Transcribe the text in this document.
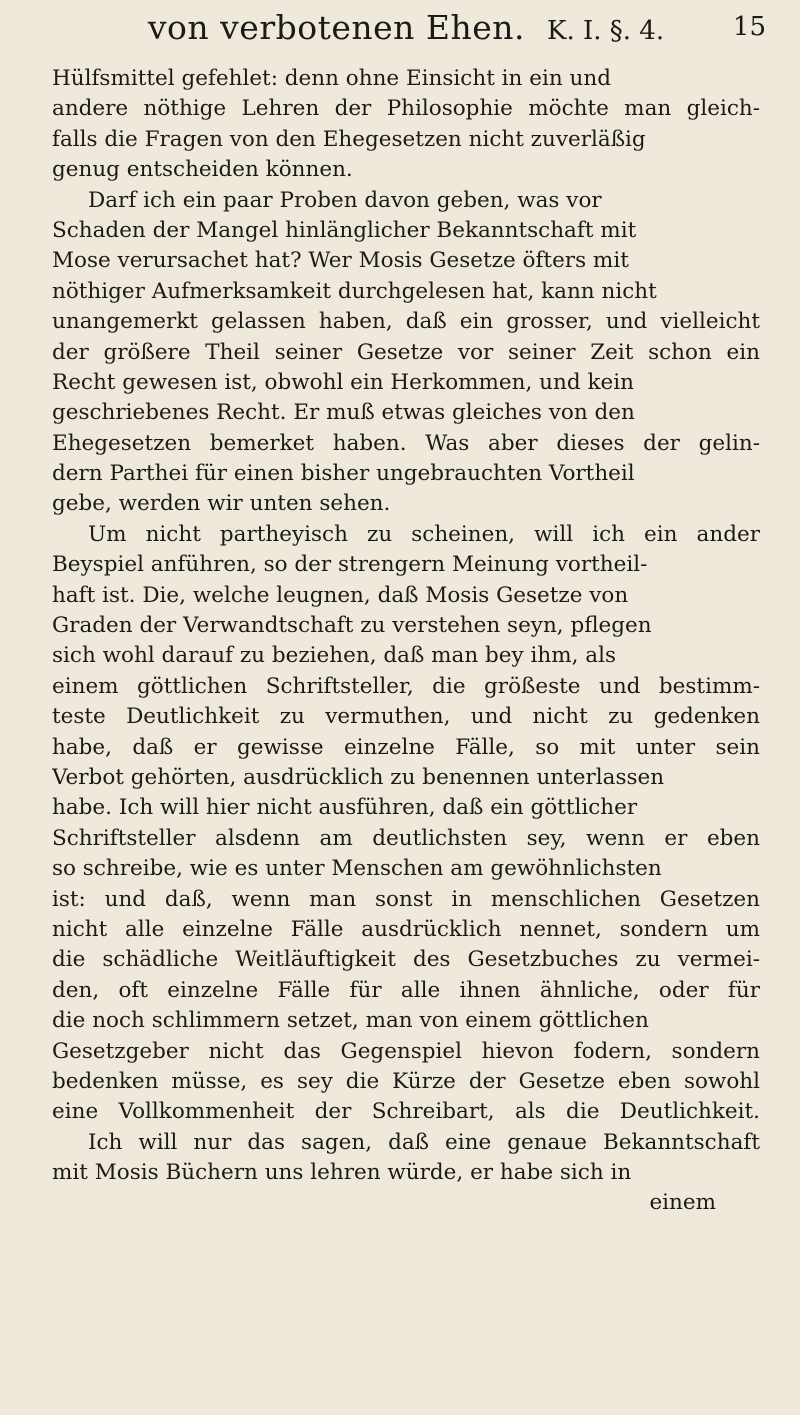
von verbotenen Ehen. K. I. §. 4.	15
Hülfsmittel gefehlet: denn ohne Einsicht in ein und
andere nöthige Lehren der Philosophie möchte man gleich-
falls die Fragen von den Ehegesetzen nicht zuverläßig
genug entscheiden können.
Darf ich ein paar Proben davon geben, was vor
Schaden der Mangel hinlänglicher Bekanntschaft mit
Mose verursachet hat? Wer Mosis Gesetze öfters mit
nöthiger Aufmerksamkeit durchgelesen hat, kann nicht
unangemerkt gelassen haben, daß ein grosser, und vielleicht
der größere Theil seiner Gesetze vor seiner Zeit schon ein
Recht gewesen ist, obwohl ein Herkommen, und kein
geschriebenes Recht. Er muß etwas gleiches von den
Ehegesetzen bemerket haben. Was aber dieses der gelin-
dern Parthei für einen bisher ungebrauchten Vortheil
gebe, werden wir unten sehen.
Um nicht partheyisch zu scheinen, will ich ein ander
Beyspiel anführen, so der strengern Meinung vortheil-
haft ist. Die, welche leugnen, daß Mosis Gesetze von
Graden der Verwandtschaft zu verstehen seyn, pflegen
sich wohl darauf zu beziehen, daß man bey ihm, als
einem göttlichen Schriftsteller, die größeste und bestimm-
teste Deutlichkeit zu vermuthen, und nicht zu gedenken
habe, daß er gewisse einzelne Fälle, so mit unter sein
Verbot gehörten, ausdrücklich zu benennen unterlassen
habe. Ich will hier nicht ausführen, daß ein göttlicher
Schriftsteller alsdenn am deutlichsten sey, wenn er eben
so schreibe, wie es unter Menschen am gewöhnlichsten
ist: und daß, wenn man sonst in menschlichen Gesetzen
nicht alle einzelne Fälle ausdrücklich nennet, sondern um
die schädliche Weitläuftigkeit des Gesetzbuches zu vermei-
den, oft einzelne Fälle für alle ihnen ähnliche, oder für
die noch schlimmern setzet, man von einem göttlichen
Gesetzgeber nicht das Gegenspiel hievon fodern, sondern
bedenken müsse, es sey die Kürze der Gesetze eben sowohl
eine Vollkommenheit der Schreibart, als die Deutlichkeit.
Ich will nur das sagen, daß eine genaue Bekanntschaft
mit Mosis Büchern uns lehren würde, er habe sich in
einem
